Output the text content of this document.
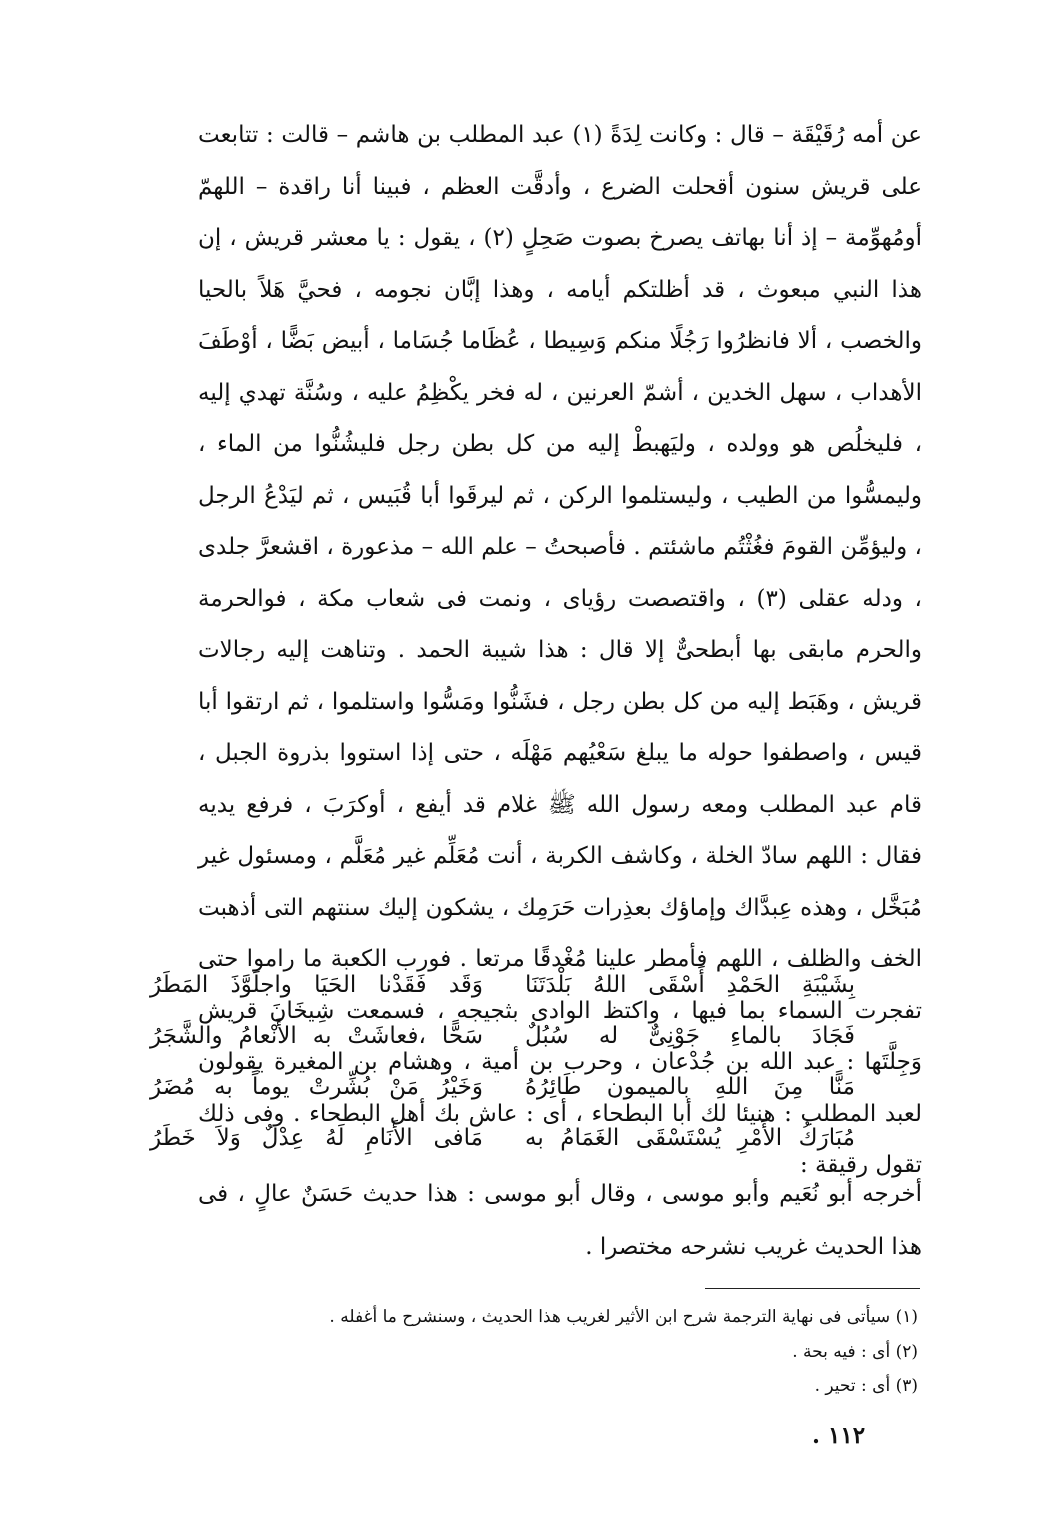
عن أمه رُقَيْقَة – قال : وكانت لِدَةً (١) عبد المطلب بن هاشم – قالت : تتابعت على قريش سنون أقحلت الضرع ، وأدقَّت العظم ، فبينا أنا راقدة – اللهمّ أومُهوِّمة – إذ أنا بهاتف يصرخ بصوت صَحِلٍ (٢) ، يقول : يا معشر قريش ، إن هذا النبي مبعوث ، قد أظلتكم أيامه ، وهذا إبَّان نجومه ، فحيَّ هَلاً بالحيا والخصب ، ألا فانظرُوا رَجُلًا منكم وَسِيطا ، عُظَاما جُسَاما ، أبيض بَضًّا ، أوْطَفَ الأهداب ، سهل الخدين ، أشمّ العرنين ، له فخر يكْظِمُ عليه ، وسُنَّة تهدي إليه ، فليخلُص هو وولده ، وليَهبطْ إليه من كل بطن رجل فليشُنُّوا من الماء ، وليمسُّوا من الطيب ، وليستلموا الركن ، ثم ليرقَوا أبا قُبَيس ، ثم ليَدْعُ الرجل ، وليؤمِّن القومَ فغُثْتُم ماشئتم . فأصبحتُ – علم الله – مذعورة ، اقشعرَّ جلدى ، ودله عقلى (٣) ، واقتصصت رؤياى ، ونمت فى شعاب مكة ، فوالحرمة والحرم مابقى بها أبطحىٌّ إلا قال : هذا شيبة الحمد . وتناهت إليه رجالات قريش ، وهَبَط إليه من كل بطن رجل ، فشَنُّوا ومَسُّوا واستلموا ، ثم ارتقوا أبا قيس ، واصطفوا حوله ما يبلغ سَعْيُهم مَهْلَه ، حتى إذا استووا بذروة الجبل ، قام عبد المطلب ومعه رسول الله ﷺ غلام قد أيفع ، أوكرَبَ ، فرفع يديه فقال : اللهم سادّ الخلة ، وكاشف الكربة ، أنت مُعَلِّم غير مُعَلَّم ، ومسئول غير مُبَخَّل ، وهذه عِبدَّاك وإماؤك بعذِرات حَرَمِك ، يشكون إليك سنتهم التى أذهبت الخف والظلف ، اللهم فأمطر علينا مُغْدقًا مرتعا . فورب الكعبة ما راموا حتى تفجرت السماء بما فيها ، واكتظ الوادى بثجيجه ، فسمعت شِيخَانَ قريش وَجِلَّتَها : عبد الله بن جُدْعان ، وحرب بن أمية ، وهشام بن المغيرة يقولون لعبد المطلب : هنيئا لك أبا البطحاء ، أى : عاش بك أهل البطحاء . وفى ذلك تقول رقيقة :

بِشَيْبَةِ الحَمْدِ أَسْقَى اللهُ بَلْدَتَنَا
وَقَد فَقَدْنا الحَيَا واجلَوَّذَ المَطَرُ
فَجَادَ بالماءِ جَوْنِىٌّ له سُبُلٌ
سَحًّا ،فعاشَتْ به الأَنْعامُ والشَّجَرُ
مَنًّا مِنَ اللهِ بالميمون طَائِرُهُ
وَخَيْرُ مَنْ بُشِّرتْ يوماً به مُضَرُ
مُبَارَكُ الأَمْرِ يُسْتَسْقَى الغَمَامُ به
مَافى الأَنَامِ لَهُ عِدْلٌ وَلاَ خَطَرُ

أخرجه أبو نُعَيم وأبو موسى ، وقال أبو موسى : هذا حديث حَسَنٌ عالٍ ، فى هذا الحديث غريب نشرحه مختصرا .

(١) سيأتى فى نهاية الترجمة شرح ابن الأثير لغريب هذا الحديث ، وسنشرح ما أغفله .
(٢) أى : فيه بحة .
(٣) أى : تحير .
١١٢ .
